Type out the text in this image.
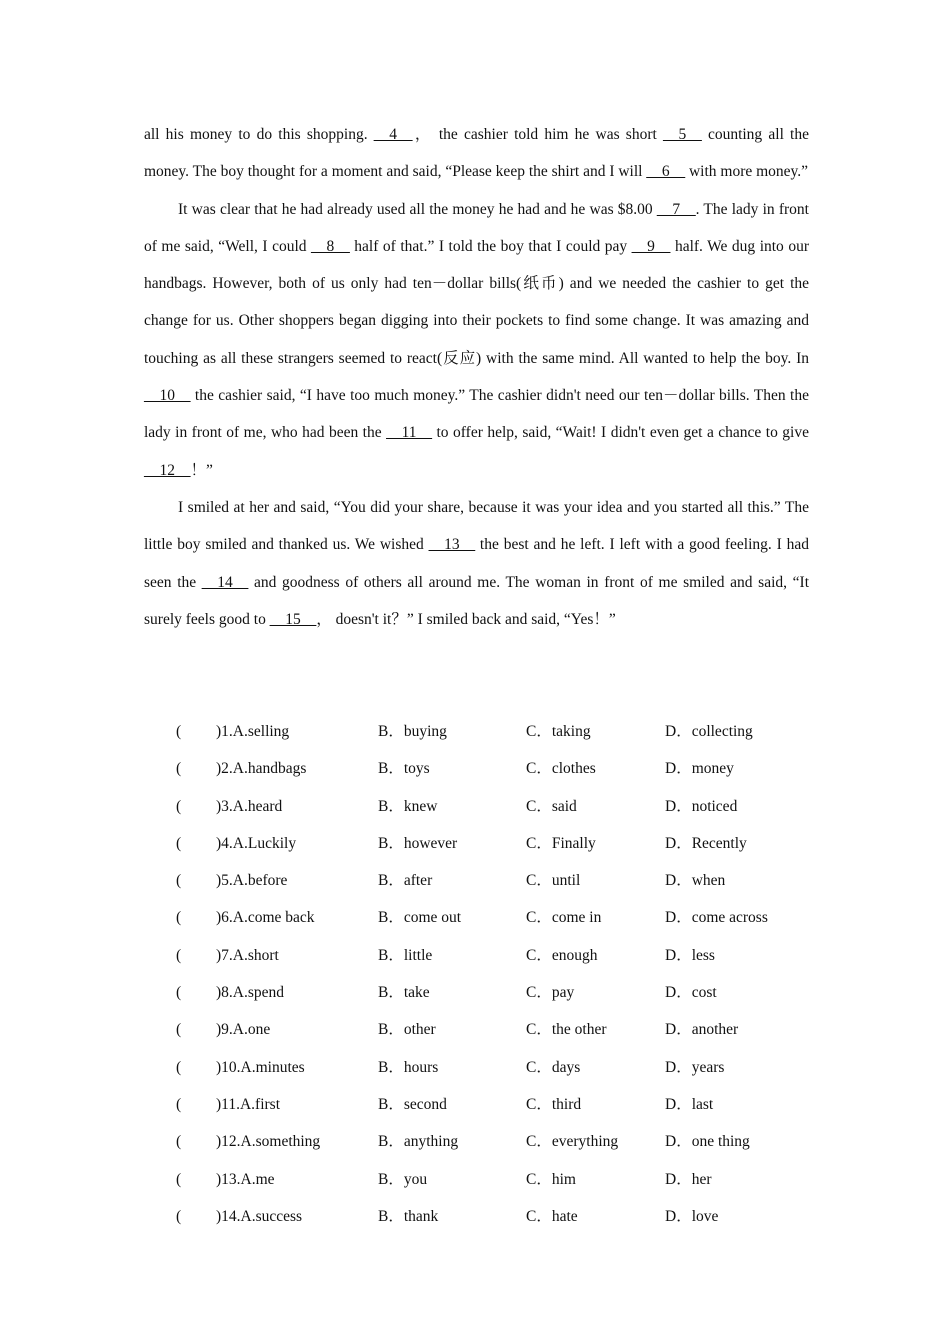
all his money to do this shopping. __4__， the cashier told him he was short __5__ counting all the money. The boy thought for a moment and said, “Please keep the shirt and I will __6__ with more money.”

It was clear that he had already used all the money he had and he was $8.00 __7__. The lady in front of me said, “Well, I could __8__ half of that.” I told the boy that I could pay __9__ half. We dug into our handbags. However, both of us only had ten－dollar bills(纸币) and we needed the cashier to get the change for us. Other shoppers began digging into their pockets to find some change. It was amazing and touching as all these strangers seemed to react(反应) with the same mind. All wanted to help the boy. In __10__ the cashier said, “I have too much money.” The cashier didn't need our ten－dollar bills. Then the lady in front of me, who had been the __11__ to offer help, said, “Wait! I didn't even get a chance to give __12__！”

I smiled at her and said, “You did your share, because it was your idea and you started all this.” The little boy smiled and thanked us. We wished __13__ the best and he left. I left with a good feeling. I had seen the __14__ and goodness of others all around me. The woman in front of me smiled and said, “It surely feels good to __15__， doesn't it？” I smiled back and said, “Yes！”

( )1.A.selling	B．buying	C．taking	D．collecting
( )2.A.handbags	B．toys	C．clothes	D．money
( )3.A.heard	B．knew	C．said	D．noticed
( )4.A.Luckily	B．however	C．Finally	D．Recently
( )5.A.before	B．after	C．until	D．when
( )6.A.come back	B．come out	C．come in	D．come across
( )7.A.short	B．little	C．enough	D．less
( )8.A.spend	B．take	C．pay	D．cost
( )9.A.one	B．other	C．the other	D．another
( )10.A.minutes	B．hours	C．days	D．years
( )11.A.first	B．second	C．third	D．last
( )12.A.something	B．anything	C．everything	D．one thing
( )13.A.me	B．you	C．him	D．her
( )14.A.success	B．thank	C．hate	D．love
